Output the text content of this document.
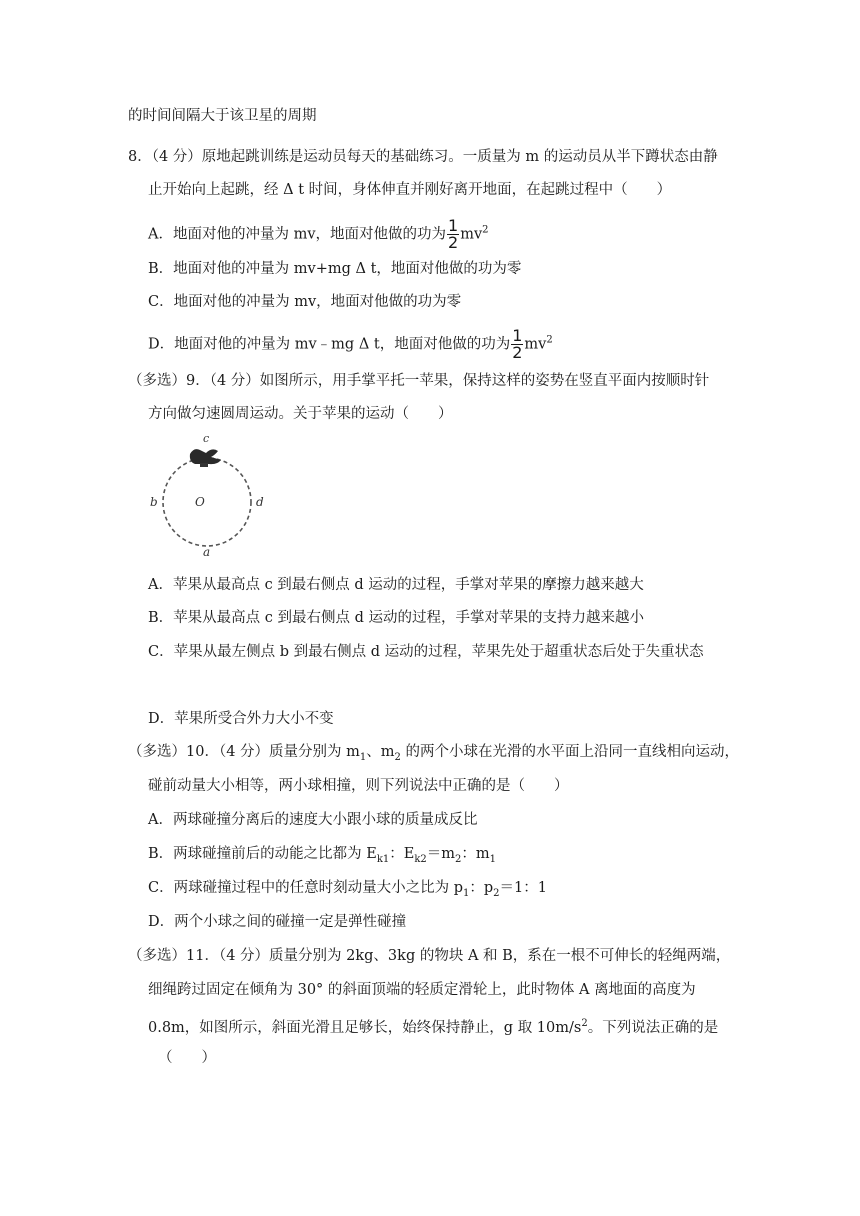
的时间间隔大于该卫星的周期
8．（4 分）原地起跳训练是运动员每天的基础练习。一质量为 m 的运动员从半下蹲状态由静
止开始向上起跳，经 Δ t 时间，身体伸直并刚好离开地面，在起跳过程中（　　）
A．地面对他的冲量为 mv，地面对他做的功为 $\frac{1}{2} mv^2$
B．地面对他的冲量为 mv+mg Δ t，地面对他做的功为零
C．地面对他的冲量为 mv，地面对他做的功为零
D．地面对他的冲量为 mv﹣mg Δ t，地面对他做的功为 $\frac{1}{2} mv^2$
（多选）9．（4 分）如图所示，用手掌平托一苹果，保持这样的姿势在竖直平面内按顺时针
方向做匀速圆周运动。关于苹果的运动（　　）
c
b	O	d
a
A．苹果从最高点 c 到最右侧点 d 运动的过程，手掌对苹果的摩擦力越来越大
B．苹果从最高点 c 到最右侧点 d 运动的过程，手掌对苹果的支持力越来越小
C．苹果从最左侧点 b 到最右侧点 d 运动的过程，苹果先处于超重状态后处于失重状态
D．苹果所受合外力大小不变
（多选）10．（4 分）质量分别为 $m_1$、$m_2$ 的两个小球在光滑的水平面上沿同一直线相向运动，
碰前动量大小相等，两小球相撞，则下列说法中正确的是（　　）
A．两球碰撞分离后的速度大小跟小球的质量成反比
B．两球碰撞前后的动能之比都为 $E_{k1}$：$E_{k2}=m_2$：$m_1$
C．两球碰撞过程中的任意时刻动量大小之比为 $p_1$：$p_2=1$：1
D．两个小球之间的碰撞一定是弹性碰撞
（多选）11．（4 分）质量分别为 2kg、3kg 的物块 A 和 B，系在一根不可伸长的轻绳两端，
细绳跨过固定在倾角为 30° 的斜面顶端的轻质定滑轮上，此时物体 A 离地面的高度为
0.8m，如图所示，斜面光滑且足够长，始终保持静止，g 取 $10m/s^2$。下列说法正确的是
（　　）
